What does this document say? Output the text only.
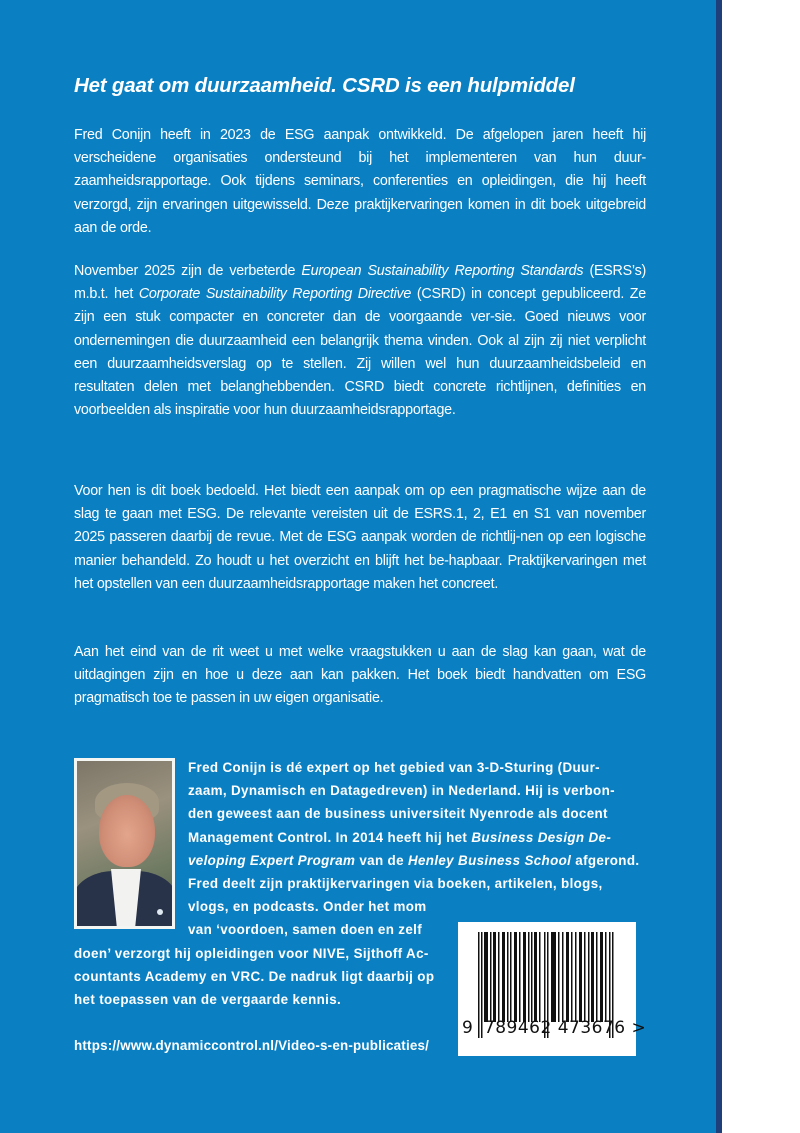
Het gaat om duurzaamheid. CSRD is een hulpmiddel

Fred Conijn heeft in 2023 de ESG aanpak ontwikkeld. De afgelopen jaren heeft hij verscheidene organisaties ondersteund bij het implementeren van hun duur-zaamheidsrapportage. Ook tijdens seminars, conferenties en opleidingen, die hij heeft verzorgd, zijn ervaringen uitgewisseld. Deze praktijkervaringen komen in dit boek uitgebreid aan de orde.

November 2025 zijn de verbeterde European Sustainability Reporting Standards (ESRS’s) m.b.t. het Corporate Sustainability Reporting Directive (CSRD) in concept gepubliceerd. Ze zijn een stuk compacter en concreter dan de voorgaande ver-sie. Goed nieuws voor ondernemingen die duurzaamheid een belangrijk thema vinden. Ook al zijn zij niet verplicht een duurzaamheidsverslag op te stellen. Zij willen wel hun duurzaamheidsbeleid en resultaten delen met belanghebbenden. CSRD biedt concrete richtlijnen, definities en voorbeelden als inspiratie voor hun duurzaamheidsrapportage.

Voor hen is dit boek bedoeld. Het biedt een aanpak om op een pragmatische wijze aan de slag te gaan met ESG. De relevante vereisten uit de ESRS.1, 2, E1 en S1 van november 2025 passeren daarbij de revue. Met de ESG aanpak worden de richtlij-nen op een logische manier behandeld. Zo houdt u het overzicht en blijft het be-hapbaar. Praktijkervaringen met het opstellen van een duurzaamheidsrapportage maken het concreet.

Aan het eind van de rit weet u met welke vraagstukken u aan de slag kan gaan, wat de uitdagingen zijn en hoe u deze aan kan pakken. Het boek biedt handvatten om ESG pragmatisch toe te passen in uw eigen organisatie.

Fred Conijn is dé expert op het gebied van 3-D-Sturing (Duur-
zaam, Dynamisch en Datagedreven) in Nederland. Hij is verbon-
den geweest aan de business universiteit Nyenrode als docent
Management Control. In 2014 heeft hij het Business Design De-
veloping Expert Program van de Henley Business School afgerond.
Fred deelt zijn praktijkervaringen via boeken, artikelen, blogs,
vlogs, en podcasts. Onder het mom
van ‘voordoen, samen doen en zelf
doen’ verzorgt hij opleidingen voor NIVE, Sijthoff Ac-
countants Academy en VRC. De nadruk ligt daarbij op
het toepassen van de vergaarde kennis.
https://www.dynamiccontrol.nl/Video-s-en-publicaties/
9 789462 473676 >
